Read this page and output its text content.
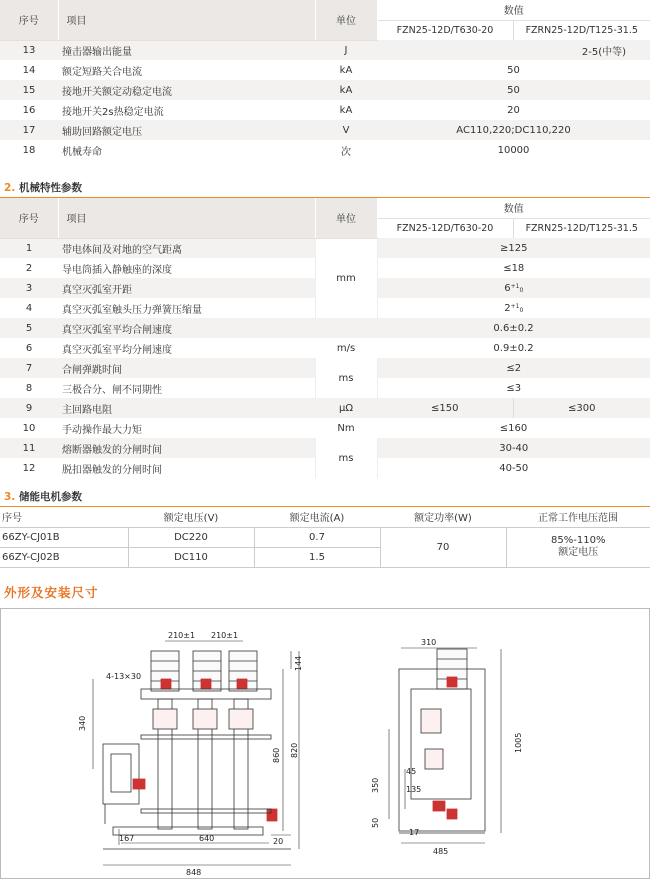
序号	项目	单位	数值	
			FZN25-12D/T630-20	FZRN25-12D/T125-31.5
13	撞击器输出能量	J	2-5(中等)	
14	额定短路关合电流	kA	50	
15	接地开关额定动稳定电流	kA	50	
16	接地开关2s热稳定电流	kA	20	
17	辅助回路额定电压	V	AC110,220;DC110,220	
18	机械寿命	次	10000	
2. 机械特性参数
序号	项目	单位	数值	
			FZN25-12D/T630-20	FZRN25-12D/T125-31.5
1	带电体间及对地的空气距离	mm	≥125	
2	导电筒插入静触座的深度		≤18	
3	真空灭弧室开距		$6^{+1}0$	
4	真空灭弧室触头压力弹簧压缩量		$2^{+1}0$	
5	真空灭弧室平均合闸速度		0.6±0.2	
6	真空灭弧室平均分闸速度	m/s	0.9±0.2	
7	合闸弹跳时间	ms	≤2	
8	三极合分、闸不同期性		≤3	
9	主回路电阻	μΩ	≤150	≤300
10	手动操作最大力矩	Nm	≤160	
11	熔断器触发的分闸时间	ms	30-40	
12	脱扣器触发的分闸时间		40-50	
3. 储能电机参数
序号	额定电压(V)	额定电流(A)	额定功率(W)	正常工作电压范围
66ZY-CJ01B	DC220	0.7	70	85%-110%
额定电压

66ZY-CJ02B	DC110	1.5		
外形及安装尺寸
210±1 210±1
4-13×30
340
144
820
860
167	640	20
848
310
1005
45
135
350
50
17
485
